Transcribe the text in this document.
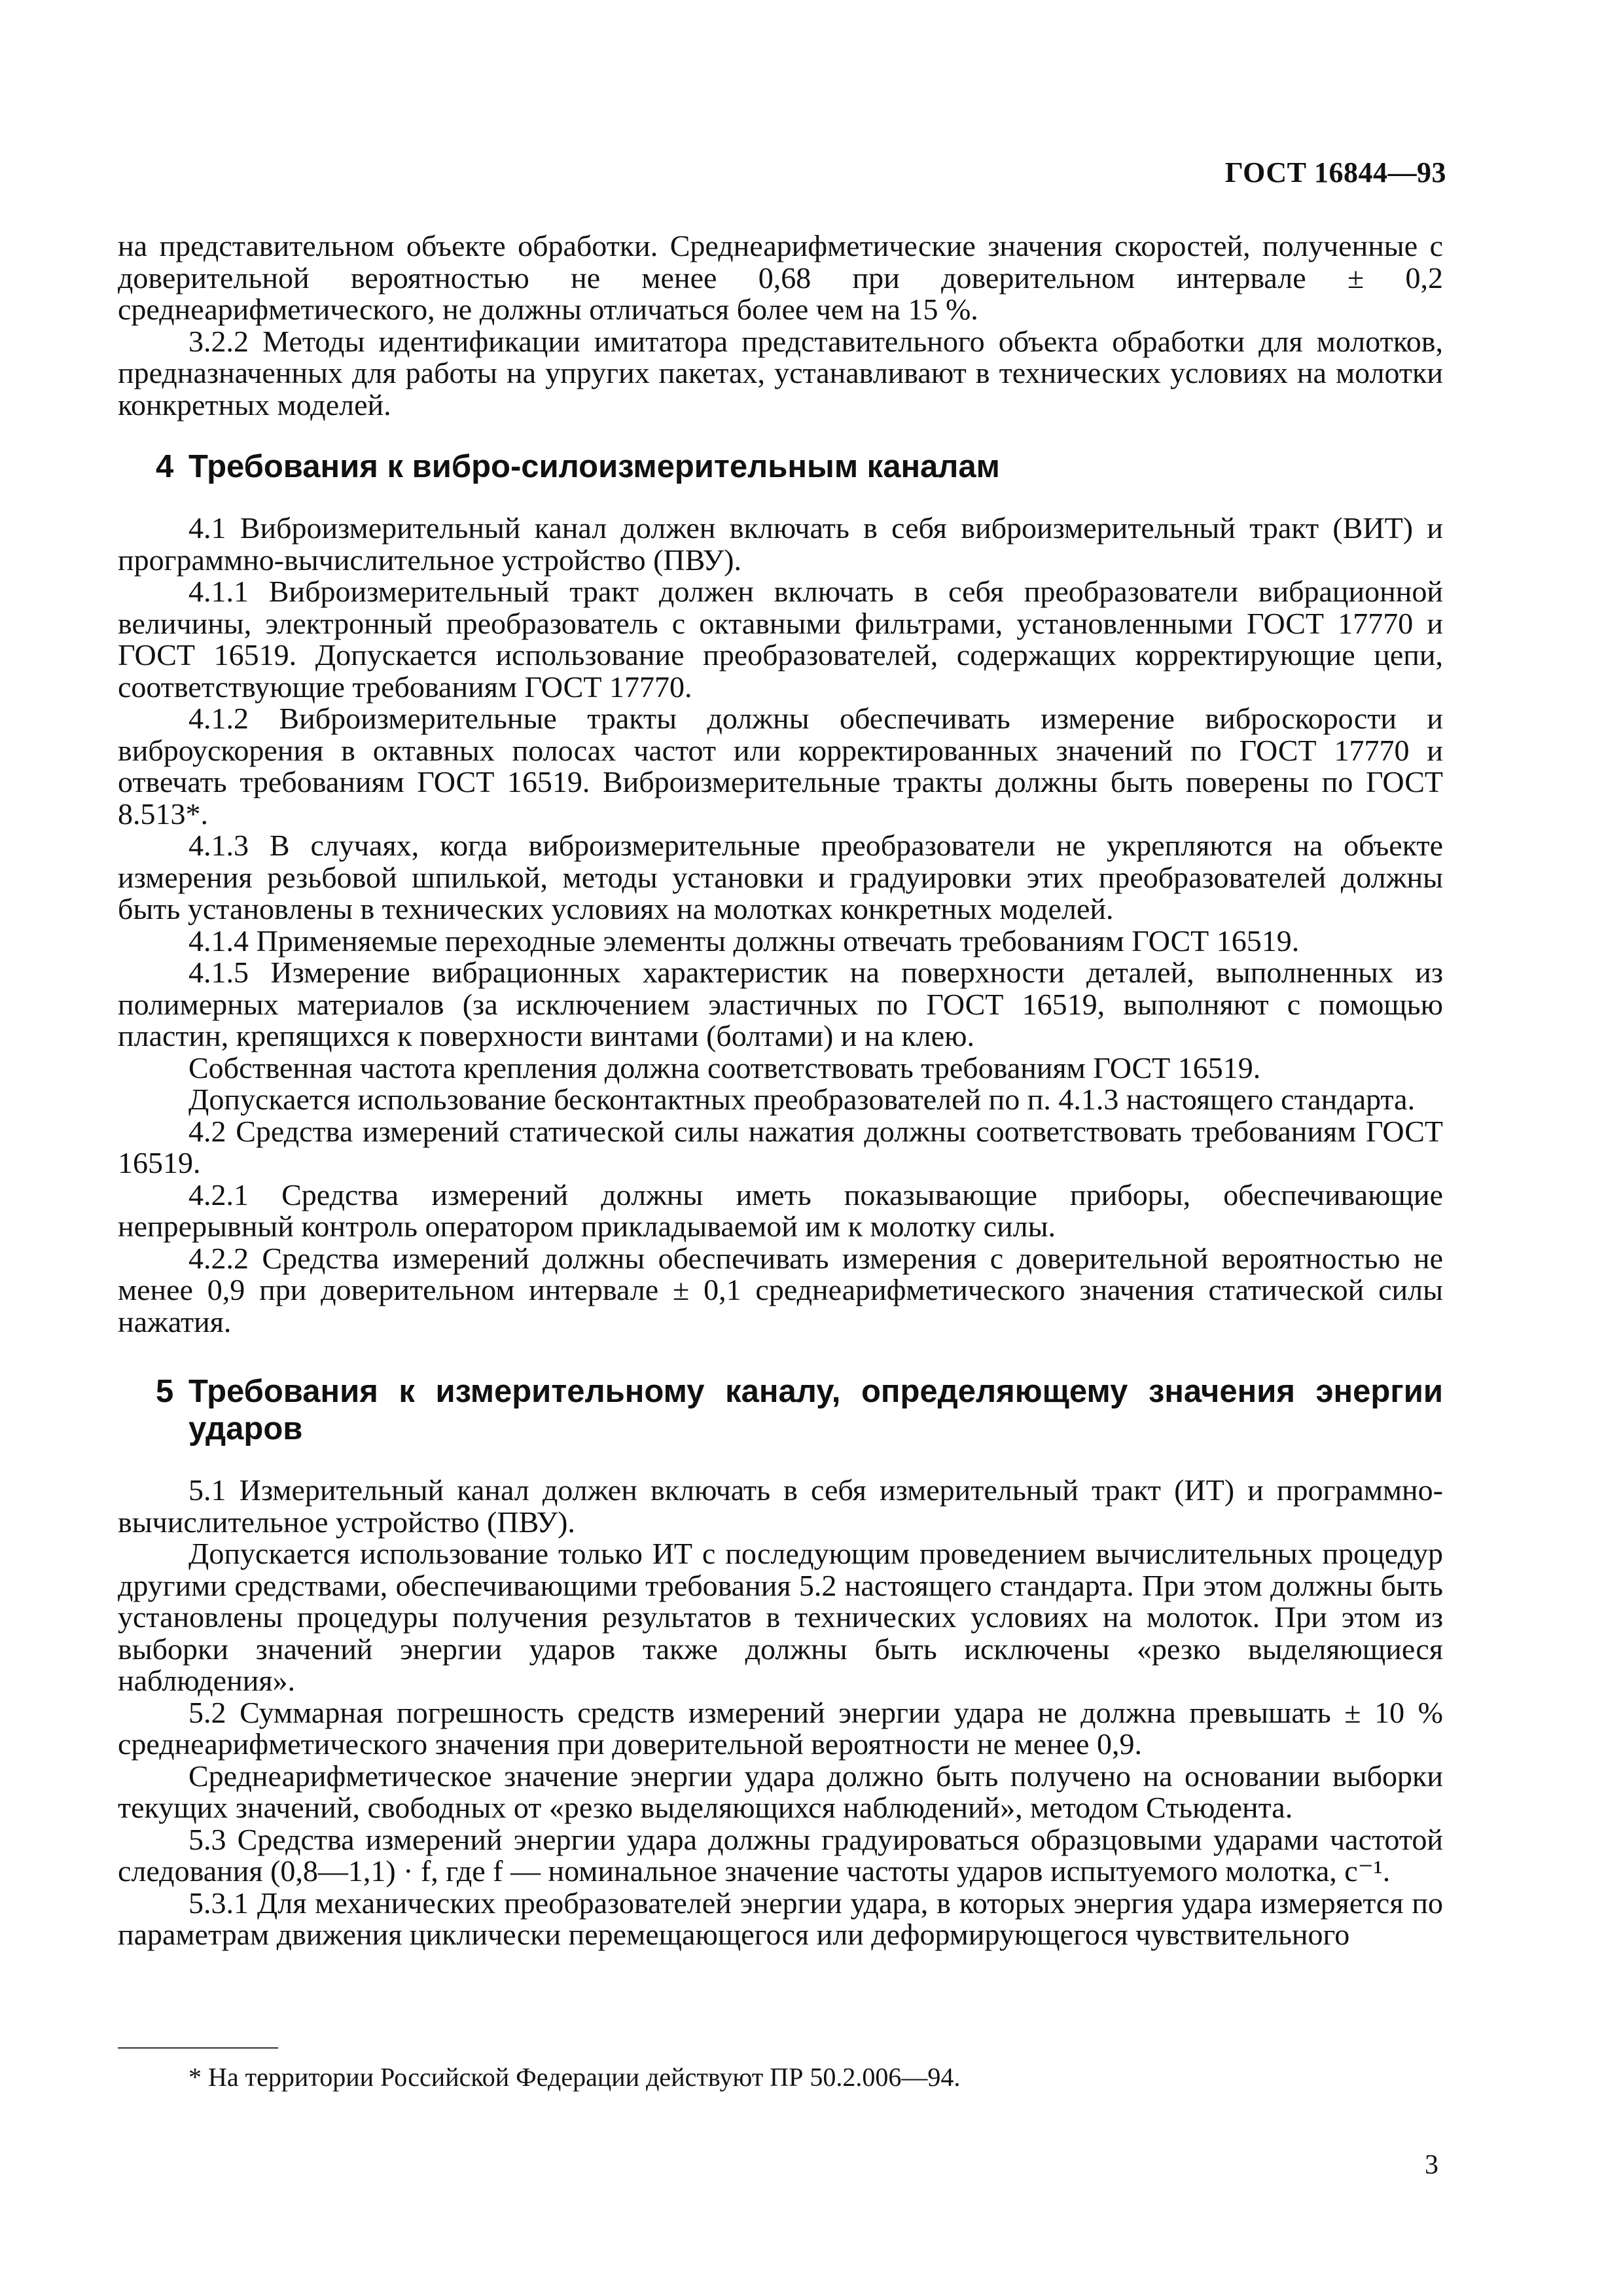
ГОСТ 16844—93

на представительном объекте обработки. Среднеарифметические значения скоростей, полученные с доверительной вероятностью не менее 0,68 при доверительном интервале ± 0,2 среднеарифметического, не должны отличаться более чем на 15 %.

3.2.2 Методы идентификации имитатора представительного объекта обработки для молотков, предназначенных для работы на упругих пакетах, устанавливают в технических условиях на молотки конкретных моделей.

4 Требования к вибро-силоизмерительным каналам

4.1 Виброизмерительный канал должен включать в себя виброизмерительный тракт (ВИТ) и программно-вычислительное устройство (ПВУ).

4.1.1 Виброизмерительный тракт должен включать в себя преобразователи вибрационной величины, электронный преобразователь с октавными фильтрами, установленными ГОСТ 17770 и ГОСТ 16519. Допускается использование преобразователей, содержащих корректирующие цепи, соответствующие требованиям ГОСТ 17770.

4.1.2 Виброизмерительные тракты должны обеспечивать измерение виброскорости и виброускорения в октавных полосах частот или корректированных значений по ГОСТ 17770 и отвечать требованиям ГОСТ 16519. Виброизмерительные тракты должны быть поверены по ГОСТ 8.513*.

4.1.3 В случаях, когда виброизмерительные преобразователи не укрепляются на объекте измерения резьбовой шпилькой, методы установки и градуировки этих преобразователей должны быть установлены в технических условиях на молотках конкретных моделей.

4.1.4 Применяемые переходные элементы должны отвечать требованиям ГОСТ 16519.

4.1.5 Измерение вибрационных характеристик на поверхности деталей, выполненных из полимерных материалов (за исключением эластичных по ГОСТ 16519, выполняют с помощью пластин, крепящихся к поверхности винтами (болтами) и на клею.

Собственная частота крепления должна соответствовать требованиям ГОСТ 16519.

Допускается использование бесконтактных преобразователей по п. 4.1.3 настоящего стандарта.

4.2 Средства измерений статической силы нажатия должны соответствовать требованиям ГОСТ 16519.

4.2.1 Средства измерений должны иметь показывающие приборы, обеспечивающие непрерывный контроль оператором прикладываемой им к молотку силы.

4.2.2 Средства измерений должны обеспечивать измерения с доверительной вероятностью не менее 0,9 при доверительном интервале ± 0,1 среднеарифметического значения статической силы нажатия.

5 Требования к измерительному каналу, определяющему значения энергии ударов

5.1 Измерительный канал должен включать в себя измерительный тракт (ИТ) и программно-вычислительное устройство (ПВУ).

Допускается использование только ИТ с последующим проведением вычислительных процедур другими средствами, обеспечивающими требования 5.2 настоящего стандарта. При этом должны быть установлены процедуры получения результатов в технических условиях на молоток. При этом из выборки значений энергии ударов также должны быть исключены «резко выделяющиеся наблюдения».

5.2 Суммарная погрешность средств измерений энергии удара не должна превышать ± 10 % среднеарифметического значения при доверительной вероятности не менее 0,9.

Среднеарифметическое значение энергии удара должно быть получено на основании выборки текущих значений, свободных от «резко выделяющихся наблюдений», методом Стьюдента.

5.3 Средства измерений энергии удара должны градуироваться образцовыми ударами частотой следования (0,8—1,1) · f, где f — номинальное значение частоты ударов испытуемого молотка, с⁻¹.

5.3.1 Для механических преобразователей энергии удара, в которых энергия удара измеряется по параметрам движения циклически перемещающегося или деформирующегося чувствительного

* На территории Российской Федерации действуют ПР 50.2.006—94.
3
